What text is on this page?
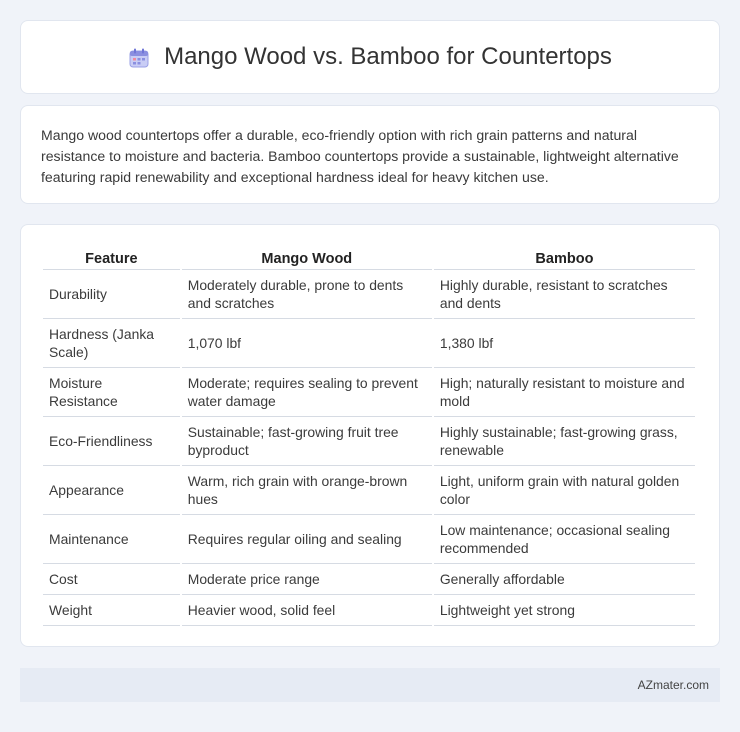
Mango Wood vs. Bamboo for Countertops

Mango wood countertops offer a durable, eco-friendly option with rich grain patterns and natural resistance to moisture and bacteria. Bamboo countertops provide a sustainable, lightweight alternative featuring rapid renewability and exceptional hardness ideal for heavy kitchen use.

Feature	Mango Wood	Bamboo
Durability	Moderately durable, prone to dents and scratches	Highly durable, resistant to scratches and dents
Hardness (Janka Scale)	1,070 lbf	1,380 lbf
Moisture Resistance	Moderate; requires sealing to prevent water damage	High; naturally resistant to moisture and mold
Eco-Friendliness	Sustainable; fast-growing fruit tree byproduct	Highly sustainable; fast-growing grass, renewable
Appearance	Warm, rich grain with orange-brown hues	Light, uniform grain with natural golden color
Maintenance	Requires regular oiling and sealing	Low maintenance; occasional sealing recommended
Cost	Moderate price range	Generally affordable
Weight	Heavier wood, solid feel	Lightweight yet strong
AZmater.com
